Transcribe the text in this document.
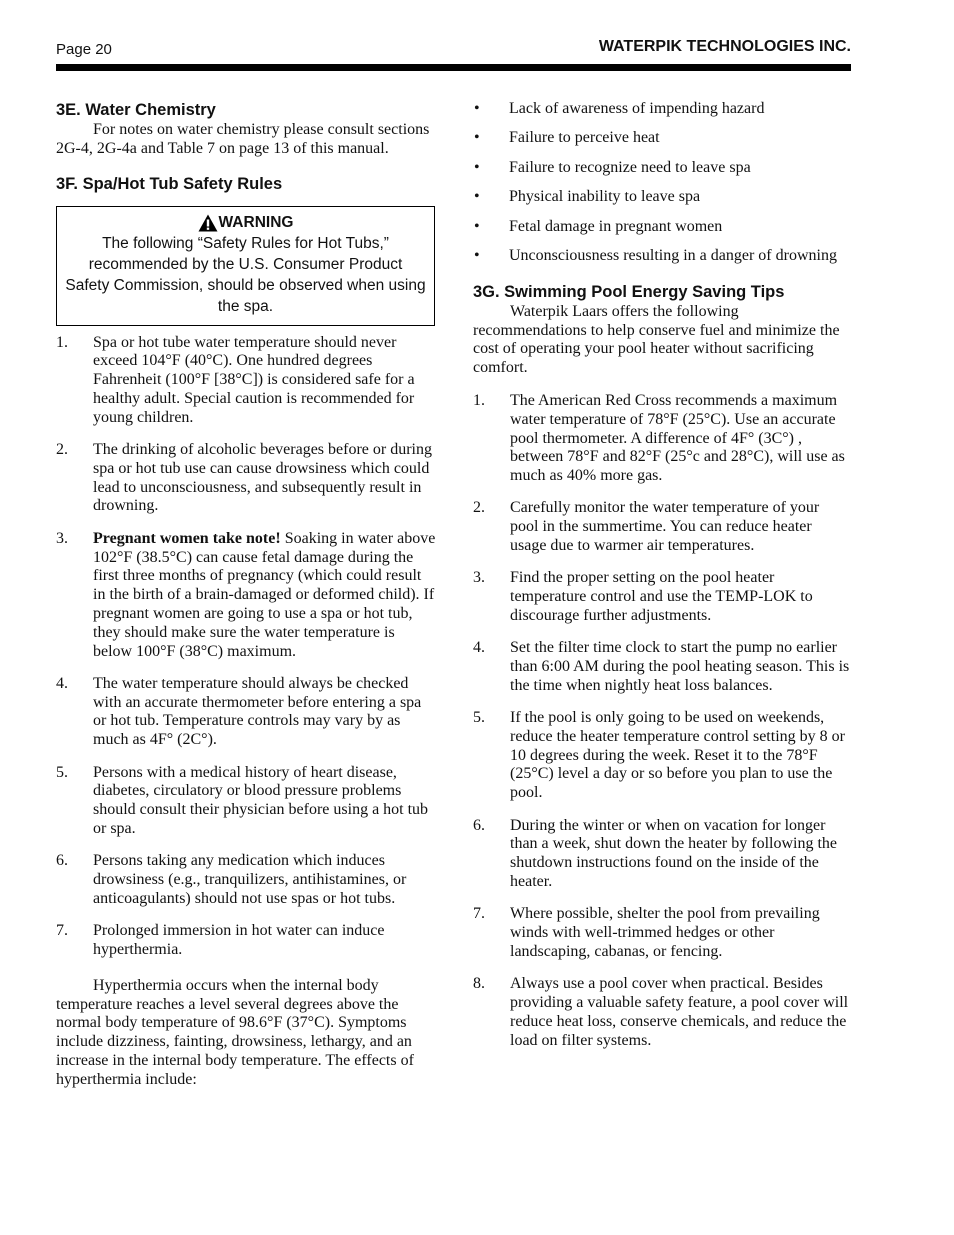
Page 20	WATERPIK TECHNOLOGIES INC.
3E. Water Chemistry

For notes on water chemistry please consult sections 2G-4, 2G-4a and Table 7 on page 13 of this manual.

3F. Spa/Hot Tub Safety Rules
WARNING
The following “Safety Rules for Hot Tubs,” recommended by the U.S. Consumer Product Safety Commission, should be observed when using the spa.
1. Spa or hot tube water temperature should never exceed 104°F (40°C). One hundred degrees Fahrenheit (100°F [38°C]) is considered safe for a healthy adult. Special caution is recommended for young children.
2. The drinking of alcoholic beverages before or during spa or hot tub use can cause drowsiness which could lead to unconsciousness, and subsequently result in drowning.
3. Pregnant women take note! Soaking in water above 102°F (38.5°C) can cause fetal damage during the first three months of pregnancy (which could result in the birth of a brain-damaged or deformed child). If pregnant women are going to use a spa or hot tub, they should make sure the water temperature is below 100°F (38°C) maximum.
4. The water temperature should always be checked with an accurate thermometer before entering a spa or hot tub. Temperature controls may vary by as much as 4F° (2C°).
5. Persons with a medical history of heart disease, diabetes, circulatory or blood pressure problems should consult their physician before using a hot tub or spa.
6. Persons taking any medication which induces drowsiness (e.g., tranquilizers, antihistamines, or anticoagulants) should not use spas or hot tubs.
7. Prolonged immersion in hot water can induce hyperthermia.

Hyperthermia occurs when the internal body temperature reaches a level several degrees above the normal body temperature of 98.6°F (37°C). Symptoms include dizziness, fainting, drowsiness, lethargy, and an increase in the internal body temperature. The effects of hyperthermia include:

• Lack of awareness of impending hazard
• Failure to perceive heat
• Failure to recognize need to leave spa
• Physical inability to leave spa
• Fetal damage in pregnant women
• Unconsciousness resulting in a danger of drowning
3G. Swimming Pool Energy Saving Tips

Waterpik Laars offers the following recommendations to help conserve fuel and minimize the cost of operating your pool heater without sacrificing comfort.

1. The American Red Cross recommends a maximum water temperature of 78°F (25°C). Use an accurate pool thermometer. A difference of 4F° (3C°) , between 78°F and 82°F (25°c and 28°C), will use as much as 40% more gas.
2. Carefully monitor the water temperature of your pool in the summertime. You can reduce heater usage due to warmer air temperatures.
3. Find the proper setting on the pool heater temperature control and use the TEMP-LOK to discourage further adjustments.
4. Set the filter time clock to start the pump no earlier than 6:00 AM during the pool heating season. This is the time when nightly heat loss balances.
5. If the pool is only going to be used on weekends, reduce the heater temperature control setting by 8 or 10 degrees during the week. Reset it to the 78°F (25°C) level a day or so before you plan to use the pool.
6. During the winter or when on vacation for longer than a week, shut down the heater by following the shutdown instructions found on the inside of the heater.
7. Where possible, shelter the pool from prevailing winds with well-trimmed hedges or other landscaping, cabanas, or fencing.
8. Always use a pool cover when practical. Besides providing a valuable safety feature, a pool cover will reduce heat loss, conserve chemicals, and reduce the load on filter systems.
